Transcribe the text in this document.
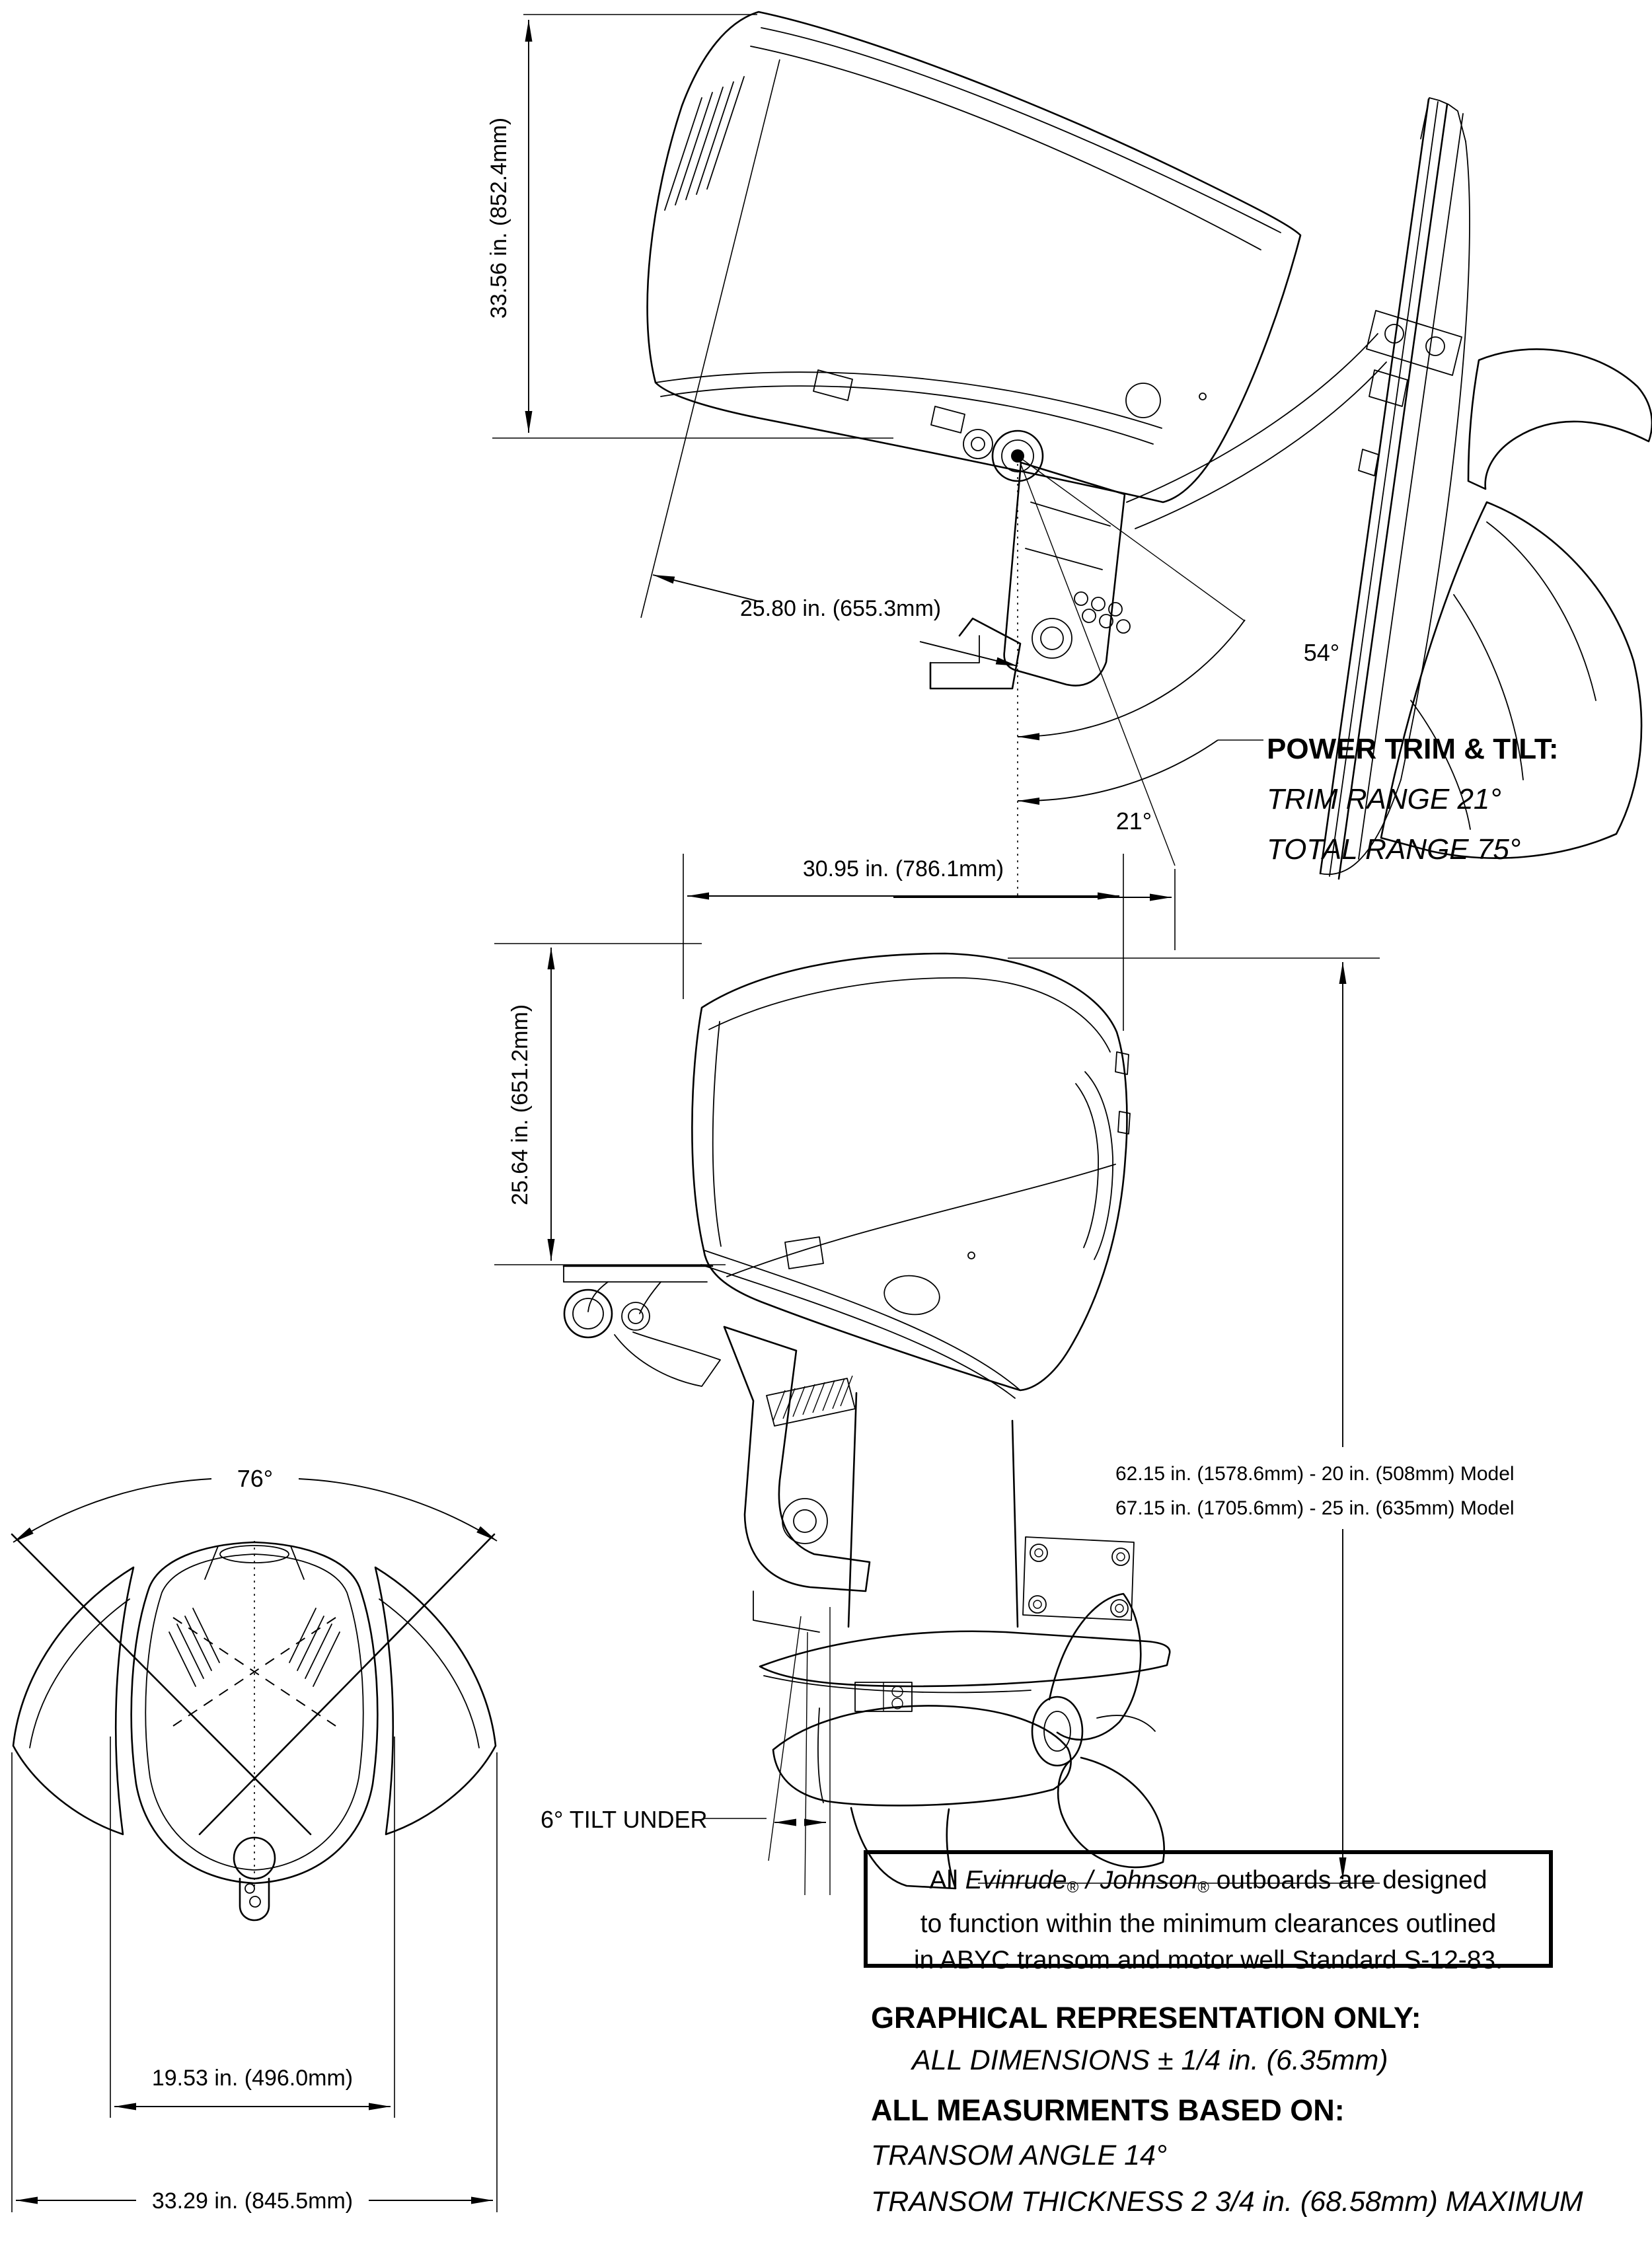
33.56 in. (852.4mm)
25.80 in. (655.3mm)
54°
21°
POWER TRIM & TILT:
TRIM RANGE 21°
TOTAL RANGE 75°
30.95 in. (786.1mm)
25.64 in. (651.2mm)
62.15 in. (1578.6mm) - 20 in. (508mm) Model
67.15 in. (1705.6mm) - 25 in. (635mm) Model
6° TILT UNDER
76°
19.53 in. (496.0mm)
33.29 in. (845.5mm)
All Evinrude® / Johnson® outboards are designed
to function within the minimum clearances outlined
in ABYC transom and motor well Standard S-12-83.
GRAPHICAL REPRESENTATION ONLY:
ALL DIMENSIONS ± 1/4 in. (6.35mm)
ALL MEASURMENTS BASED ON:
TRANSOM ANGLE 14°
TRANSOM THICKNESS 2 3/4 in. (68.58mm) MAXIMUM
